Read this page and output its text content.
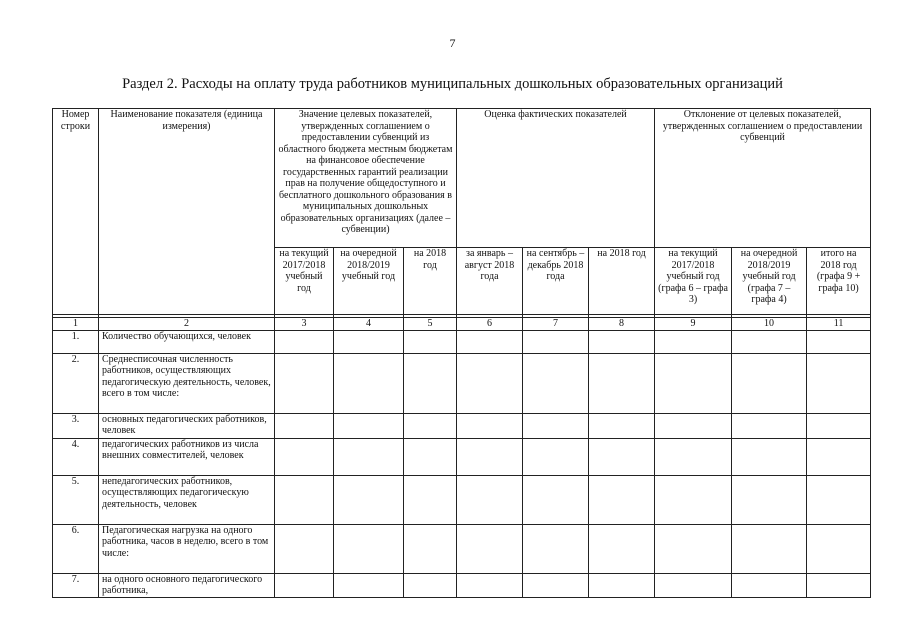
7
Раздел 2. Расходы на оплату труда работников муниципальных дошкольных образовательных организаций
Номер строки	Наименование показателя (единица измерения)	Значение целевых показателей, утвержденных соглашением о предоставлении субвенций из областного бюджета местным бюджетам на финансовое обеспечение государственных гарантий реализации прав на получение общедоступного и бесплатного дошкольного образования в муниципальных дошкольных образовательных организациях (далее – субвенции)			Оценка фактических показателей			Отклонение от целевых показателей, утвержденных соглашением о предоставлении субвенций		
		на текущий 2017/2018 учебный год	на очередной 2018/2019 учебный год	на 2018 год	за январь – август 2018 года	на сентябрь – декабрь 2018 года	на 2018 год	на текущий 2017/2018 учебный год (графа 6 – графа 3)	на очередной 2018/2019 учебный год (графа 7 – графа 4)	итого на 2018 год (графа 9 + графа 10)

1	2	3	4	5	6	7	8	9	10	11
1.	Количество обучающихся, человек									
2.	Среднесписочная численность работников, осуществляющих педагогическую деятельность, человек, всего в том числе:									
3.	основных педагогических работников, человек									
4.	педагогических работников из числа внешних совместителей, человек									
5.	непедагогических работников, осуществляющих педагогическую деятельность, человек									
6.	Педагогическая нагрузка на одного работника, часов в неделю, всего в том числе:									
7.	на одного основного педагогического работника,									
